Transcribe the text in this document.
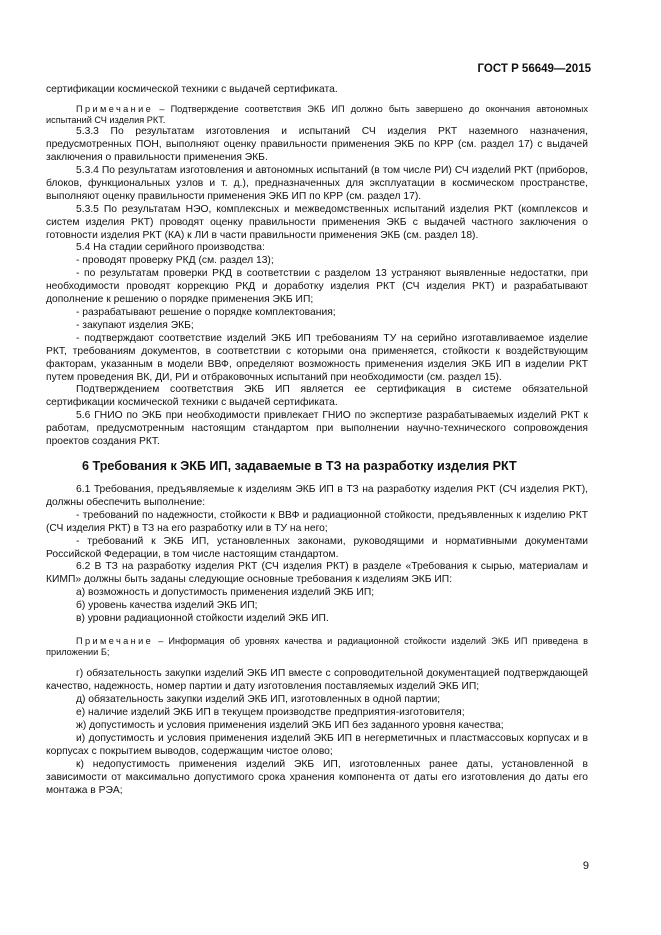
ГОСТ Р 56649—2015

сертификации космической техники с выдачей сертификата.

Примечание – Подтверждение соответствия ЭКБ ИП должно быть завершено до окончания автономных испытаний СЧ изделия РКТ.

5.3.3 По результатам изготовления и испытаний СЧ изделия РКТ наземного назначения, предусмотренных ПОН, выполняют оценку правильности применения ЭКБ по КРР (см. раздел 17) с выдачей заключения о правильности применения ЭКБ.

5.3.4 По результатам изготовления и автономных испытаний (в том числе РИ) СЧ изделий РКТ (приборов, блоков, функциональных узлов и т. д.), предназначенных для эксплуатации в космическом пространстве, выполняют оценку правильности применения ЭКБ ИП по КРР (см. раздел 17).

5.3.5 По результатам НЭО, комплексных и межведомственных испытаний изделия РКТ (комплексов и систем изделия РКТ) проводят оценку правильности применения ЭКБ с выдачей частного заключения о готовности изделия РКТ (КА) к ЛИ в части правильности применения ЭКБ (см. раздел 18).

5.4 На стадии серийного производства:

- проводят проверку РКД (см. раздел 13);

- по результатам проверки РКД в соответствии с разделом 13 устраняют выявленные недостатки, при необходимости проводят коррекцию РКД и доработку изделия РКТ (СЧ изделия РКТ) и разрабатывают дополнение к решению о порядке применения ЭКБ ИП;

- разрабатывают решение о порядке комплектования;

- закупают изделия ЭКБ;

- подтверждают соответствие изделий ЭКБ ИП требованиям ТУ на серийно изготавливаемое изделие РКТ, требованиям документов, в соответствии с которыми она применяется, стойкости к воздействующим факторам, указанным в модели ВВФ, определяют возможность применения изделия ЭКБ ИП в изделии РКТ путем проведения ВК, ДИ, РИ и отбраковочных испытаний при необходимости (см. раздел 15).

Подтверждением соответствия ЭКБ ИП является ее сертификация в системе обязательной сертификации космической техники с выдачей сертификата.

5.6 ГНИО по ЭКБ при необходимости привлекает ГНИО по экспертизе разрабатываемых изделий РКТ к работам, предусмотренным настоящим стандартом при выполнении научно-технического сопровождения проектов создания РКТ.

6 Требования к ЭКБ ИП, задаваемые в ТЗ на разработку изделия РКТ

6.1 Требования, предъявляемые к изделиям ЭКБ ИП в ТЗ на разработку изделия РКТ (СЧ изделия РКТ), должны обеспечить выполнение:

- требований по надежности, стойкости к ВВФ и радиационной стойкости, предъявленных к изделию РКТ (СЧ изделия РКТ) в ТЗ на его разработку или в ТУ на него;

- требований к ЭКБ ИП, установленных законами, руководящими и нормативными документами Российской Федерации, в том числе настоящим стандартом.

6.2 В ТЗ на разработку изделия РКТ (СЧ изделия РКТ) в разделе «Требования к сырью, материалам и КИМП» должны быть заданы следующие основные требования к изделиям ЭКБ ИП:

а) возможность и допустимость применения изделий ЭКБ ИП;

б) уровень качества изделий ЭКБ ИП;

в) уровни радиационной стойкости изделий ЭКБ ИП.

Примечание – Информация об уровнях качества и радиационной стойкости изделий ЭКБ ИП приведена в приложении Б;

г) обязательность закупки изделий ЭКБ ИП вместе с сопроводительной документацией подтверждающей качество, надежность, номер партии и дату изготовления поставляемых изделий ЭКБ ИП;

д) обязательность закупки изделий ЭКБ ИП, изготовленных в одной партии;

е) наличие изделий ЭКБ ИП в текущем производстве предприятия-изготовителя;

ж) допустимость и условия применения изделий ЭКБ ИП без заданного уровня качества;

и) допустимость и условия применения изделий ЭКБ ИП в негерметичных и пластмассовых корпусах и в корпусах с покрытием выводов, содержащим чистое олово;

к) недопустимость применения изделий ЭКБ ИП, изготовленных ранее даты, установленной в зависимости от максимально допустимого срока хранения компонента от даты его изготовления до даты его монтажа в РЭА;

9
